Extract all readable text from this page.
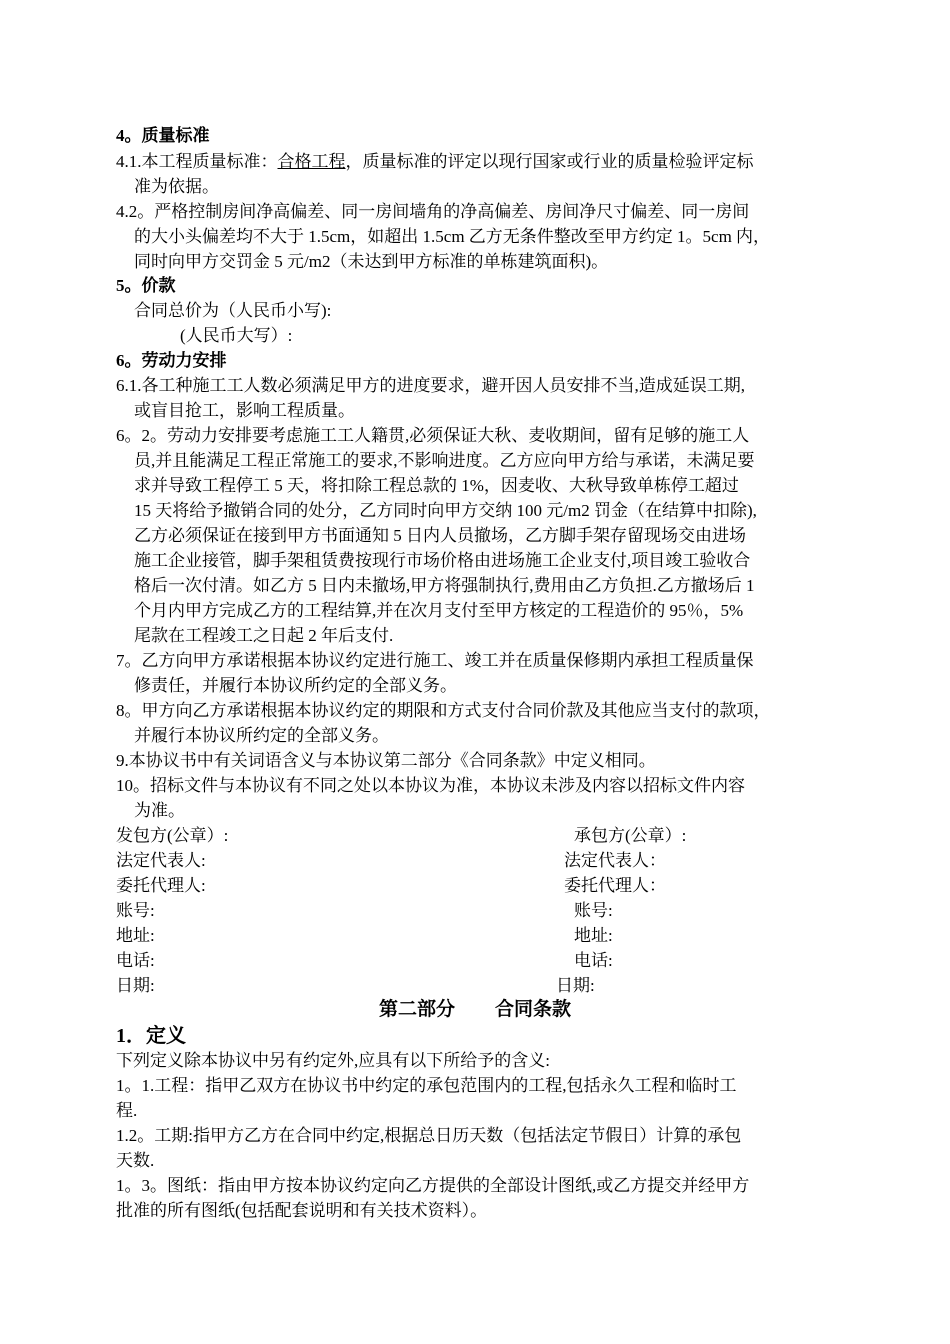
4。质量标准
4.1.本工程质量标准：合格工程，质量标准的评定以现行国家或行业的质量检验评定标
准为依据。
4.2。严格控制房间净高偏差、同一房间墙角的净高偏差、房间净尺寸偏差、同一房间
的大小头偏差均不大于 1.5cm，如超出 1.5cm 乙方无条件整改至甲方约定 1。5cm 内，
同时向甲方交罚金 5 元/m2（未达到甲方标准的单栋建筑面积)。
5。价款
合同总价为（人民币小写):
(人民币大写）:
6。劳动力安排
6.1.各工种施工工人数必须满足甲方的进度要求，避开因人员安排不当,造成延误工期,
或盲目抢工，影响工程质量。
6。2。劳动力安排要考虑施工工人籍贯,必须保证大秋、麦收期间，留有足够的施工人
员,并且能满足工程正常施工的要求,不影响进度。乙方应向甲方给与承诺，未满足要
求并导致工程停工 5 天，将扣除工程总款的 1%，因麦收、大秋导致单栋停工超过
15 天将给予撤销合同的处分，乙方同时向甲方交纳 100 元/m2 罚金（在结算中扣除),
乙方必须保证在接到甲方书面通知 5 日内人员撤场，乙方脚手架存留现场交由进场
施工企业接管，脚手架租赁费按现行市场价格由进场施工企业支付,项目竣工验收合
格后一次付清。如乙方 5 日内未撤场,甲方将强制执行,费用由乙方负担.乙方撤场后 1
个月内甲方完成乙方的工程结算,并在次月支付至甲方核定的工程造价的 95％，5%
尾款在工程竣工之日起 2 年后支付.
7。乙方向甲方承诺根据本协议约定进行施工、竣工并在质量保修期内承担工程质量保
修责任，并履行本协议所约定的全部义务。
8。甲方向乙方承诺根据本协议约定的期限和方式支付合同价款及其他应当支付的款项，
并履行本协议所约定的全部义务。
9.本协议书中有关词语含义与本协议第二部分《合同条款》中定义相同。
10。招标文件与本协议有不同之处以本协议为准，本协议未涉及内容以招标文件内容
为准。
发包方(公章）:	承包方(公章）:
法定代表人:	法定代表人：
委托代理人:	委托代理人：
账号:	账号:
地址:	地址:
电话:	电话:
日期:	日期:
第二部分 合同条款
1．定义
下列定义除本协议中另有约定外,应具有以下所给予的含义:
1。1.工程：指甲乙双方在协议书中约定的承包范围内的工程,包括永久工程和临时工
程.
1.2。工期:指甲方乙方在合同中约定,根据总日历天数（包括法定节假日）计算的承包
天数.
1。3。图纸：指由甲方按本协议约定向乙方提供的全部设计图纸,或乙方提交并经甲方
批准的所有图纸(包括配套说明和有关技术资料）。
